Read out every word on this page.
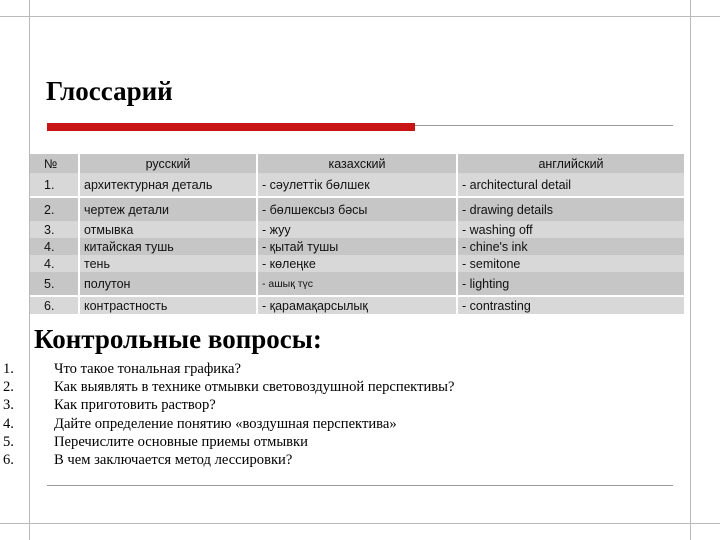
Глоссарий
№	русский	казахский	английский
1.	архитектурная деталь	- сәулеттік бөлшек	- architectural detail
2.	чертеж детали	- бөлшексыз бәсы	- drawing details
3.	отмывка	- жуу	- washing off
4.	китайская тушь	- қытай тушы	- chine's ink
4.	тень	- көлеңке	- semitone
5.	полутон	- ашық түс	- lighting
6.	контрастность	- қарамақарсылық	- contrasting
Контрольные вопросы:
1.	Что такое тональная графика?
2.	Как выявлять в технике отмывки световоздушной перспективы?
3.	Как приготовить раствор?
4.	Дайте определение понятию «воздушная перспектива»
5.	Перечислите основные приемы отмывки
6.	В чем заключается метод лессировки?
